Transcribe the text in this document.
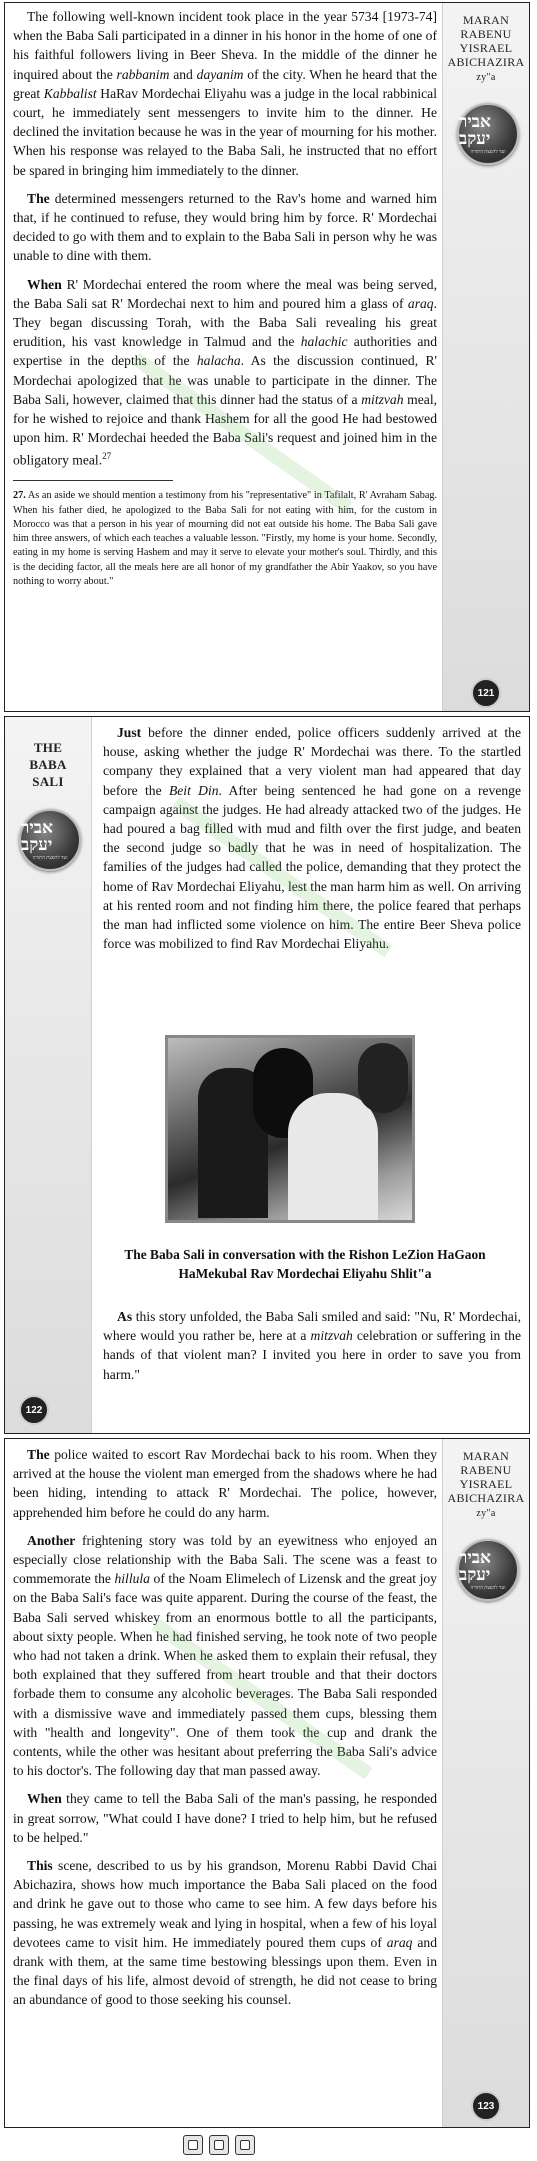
MARAN
RABENU
YISRAEL
ABICHAZIRA
zy"a
אביר יעקב
ועד להפצת התורה
121
The following well-known incident took place in the year 5734 [1973-74] when the Baba Sali participated in a dinner in his honor in the home of one of his faithful followers living in Beer Sheva. In the middle of the dinner he inquired about the rabbanim and dayanim of the city. When he heard that the great Kabbalist HaRav Mordechai Eliyahu was a judge in the local rabbinical court, he immediately sent messengers to invite him to the dinner. He declined the invitation because he was in the year of mourning for his mother. When his response was relayed to the Baba Sali, he instructed that no effort be spared in bringing him immediately to the dinner.
The determined messengers returned to the Rav's home and warned him that, if he continued to refuse, they would bring him by force. R' Mordechai decided to go with them and to explain to the Baba Sali in person why he was unable to dine with them.
When R' Mordechai entered the room where the meal was being served, the Baba Sali sat R' Mordechai next to him and poured him a glass of araq. They began discussing Torah, with the Baba Sali revealing his great erudition, his vast knowledge in Talmud and the halachic authorities and expertise in the depths of the halacha. As the discussion continued, R' Mordechai apologized that he was unable to participate in the dinner. The Baba Sali, however, claimed that this dinner had the status of a mitzvah meal, for he wished to rejoice and thank Hashem for all the good He had bestowed upon him. R' Mordechai heeded the Baba Sali's request and joined him in the obligatory meal.$^{27}$
27. As an aside we should mention a testimony from his "representative" in Tafilalt, R' Avraham Sabag. When his father died, he apologized to the Baba Sali for not eating with him, for the custom in Morocco was that a person in his year of mourning did not eat outside his home. The Baba Sali gave him three answers, of which each teaches a valuable lesson. "Firstly, my home is your home. Secondly, eating in my home is serving Hashem and may it serve to elevate your mother's soul. Thirdly, and this is the deciding factor, all the meals here are all honor of my grandfather the Abir Yaakov, so you have nothing to worry about."
THE
BABA
SALI
אביר יעקב
ועד להפצת התורה
122
Just before the dinner ended, police officers suddenly arrived at the house, asking whether the judge R' Mordechai was there. To the startled company they explained that a very violent man had appeared that day before the Beit Din. After being sentenced he had gone on a revenge campaign against the judges. He had already attacked two of the judges. He had poured a bag filled with mud and filth over the first judge, and beaten the second judge so badly that he was in need of hospitalization. The families of the judges had called the police, demanding that they protect the home of Rav Mordechai Eliyahu, lest the man harm him as well. On arriving at his rented room and not finding him there, the police feared that perhaps the man had inflicted some violence on him. The entire Beer Sheva police force was mobilized to find Rav Mordechai Eliyahu.
The Baba Sali in conversation with the Rishon LeZion HaGaon
HaMekubal Rav Mordechai Eliyahu Shlit"a
As this story unfolded, the Baba Sali smiled and said: "Nu, R' Mordechai, where would you rather be, here at a mitzvah celebration or suffering in the hands of that violent man? I invited you here in order to save you from harm."
MARAN
RABENU
YISRAEL
ABICHAZIRA
zy"a
אביר יעקב
ועד להפצת התורה
123
The police waited to escort Rav Mordechai back to his room. When they arrived at the house the violent man emerged from the shadows where he had been hiding, intending to attack R' Mordechai. The police, however, apprehended him before he could do any harm.
Another frightening story was told by an eyewitness who enjoyed an especially close relationship with the Baba Sali. The scene was a feast to commemorate the hillula of the Noam Elimelech of Lizensk and the great joy on the Baba Sali's face was quite apparent. During the course of the feast, the Baba Sali served whiskey from an enormous bottle to all the participants, about sixty people. When he had finished serving, he took note of two people who had not taken a drink. When he asked them to explain their refusal, they both explained that they suffered from heart trouble and that their doctors forbade them to consume any alcoholic beverages. The Baba Sali responded with a dismissive wave and immediately passed them cups, blessing them with "health and longevity". One of them took the cup and drank the contents, while the other was hesitant about preferring the Baba Sali's advice to his doctor's. The following day that man passed away.
When they came to tell the Baba Sali of the man's passing, he responded in great sorrow, "What could I have done? I tried to help him, but he refused to be helped."
This scene, described to us by his grandson, Morenu Rabbi David Chai Abichazira, shows how much importance the Baba Sali placed on the food and drink he gave out to those who came to see him. A few days before his passing, he was extremely weak and lying in hospital, when a few of his loyal devotees came to visit him. He immediately poured them cups of araq and drank with them, at the same time bestowing blessings upon them. Even in the final days of his life, almost devoid of strength, he did not cease to bring an abundance of good to those seeking his counsel.
